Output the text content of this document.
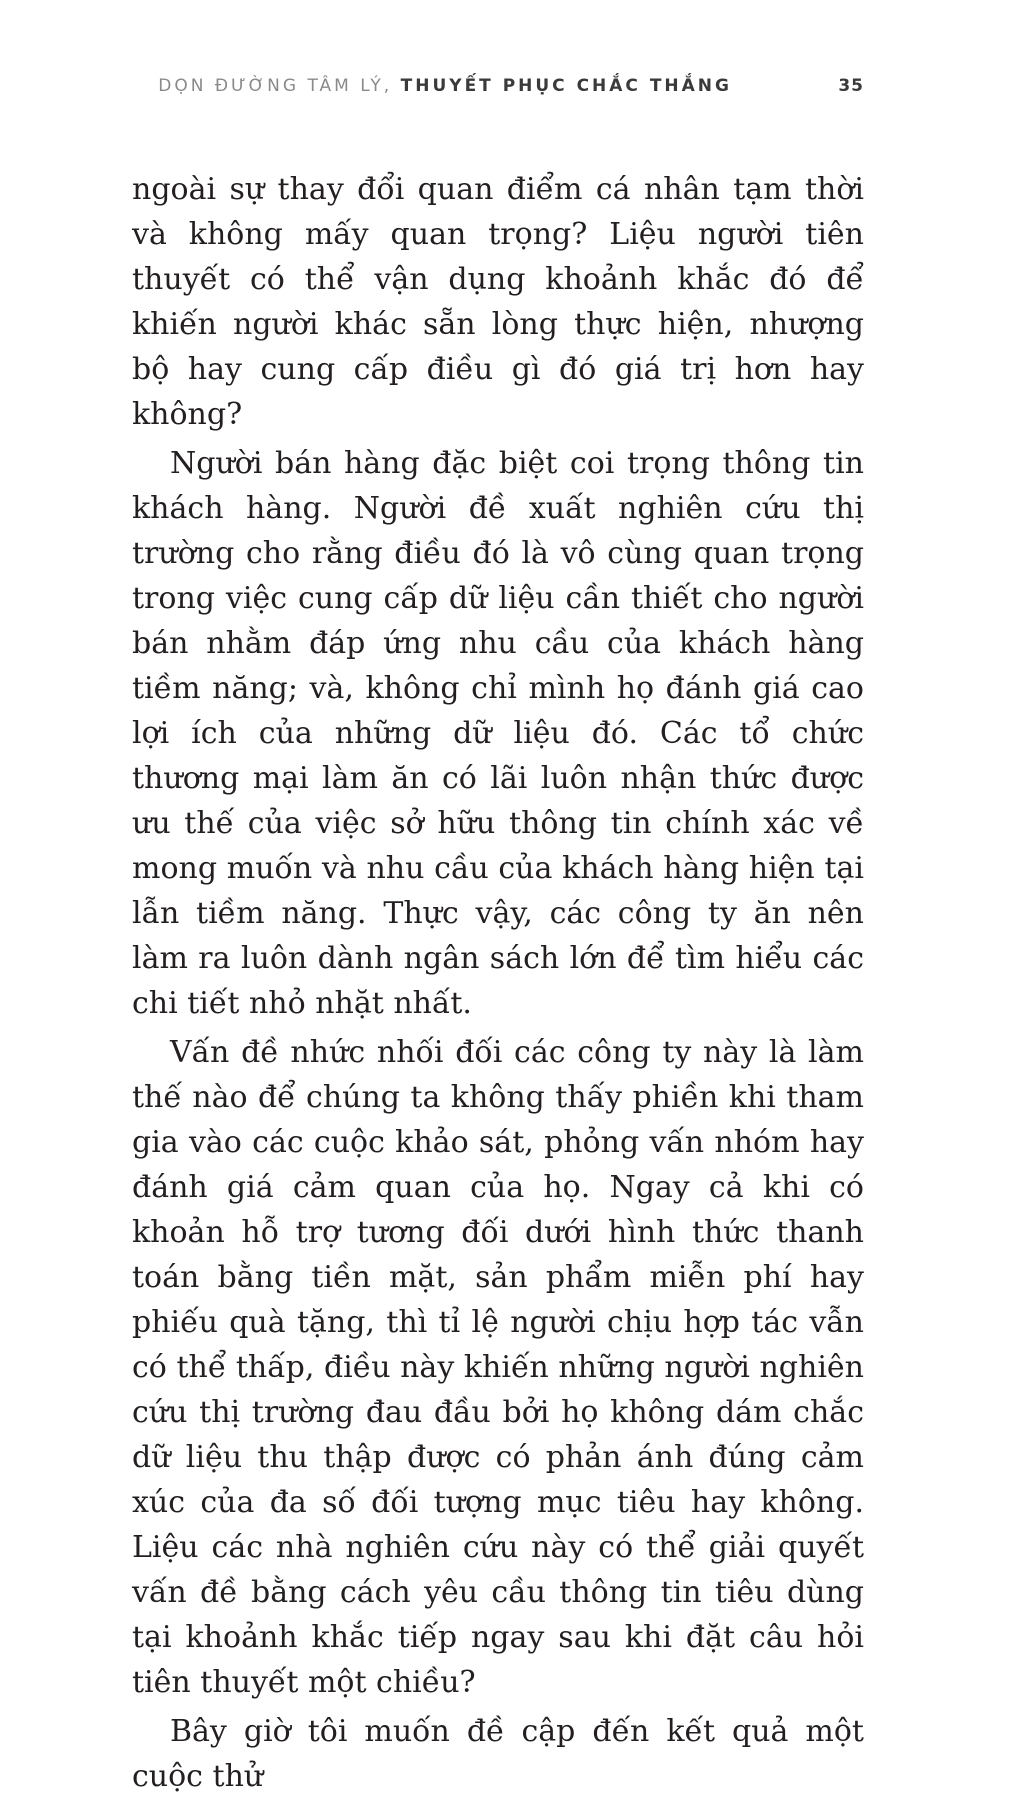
DỌN ĐƯỜNG TÂM LÝ, THUYẾT PHỤC CHẮC THẮNG	35

ngoài sự thay đổi quan điểm cá nhân tạm thời và không mấy quan trọng? Liệu người tiên thuyết có thể vận dụng khoảnh khắc đó để khiến người khác sẵn lòng thực hiện, nhượng bộ hay cung cấp điều gì đó giá trị hơn hay không?

Người bán hàng đặc biệt coi trọng thông tin khách hàng. Người đề xuất nghiên cứu thị trường cho rằng điều đó là vô cùng quan trọng trong việc cung cấp dữ liệu cần thiết cho người bán nhằm đáp ứng nhu cầu của khách hàng tiềm năng; và, không chỉ mình họ đánh giá cao lợi ích của những dữ liệu đó. Các tổ chức thương mại làm ăn có lãi luôn nhận thức được ưu thế của việc sở hữu thông tin chính xác về mong muốn và nhu cầu của khách hàng hiện tại lẫn tiềm năng. Thực vậy, các công ty ăn nên làm ra luôn dành ngân sách lớn để tìm hiểu các chi tiết nhỏ nhặt nhất.

Vấn đề nhức nhối đối các công ty này là làm thế nào để chúng ta không thấy phiền khi tham gia vào các cuộc khảo sát, phỏng vấn nhóm hay đánh giá cảm quan của họ. Ngay cả khi có khoản hỗ trợ tương đối dưới hình thức thanh toán bằng tiền mặt, sản phẩm miễn phí hay phiếu quà tặng, thì tỉ lệ người chịu hợp tác vẫn có thể thấp, điều này khiến những người nghiên cứu thị trường đau đầu bởi họ không dám chắc dữ liệu thu thập được có phản ánh đúng cảm xúc của đa số đối tượng mục tiêu hay không. Liệu các nhà nghiên cứu này có thể giải quyết vấn đề bằng cách yêu cầu thông tin tiêu dùng tại khoảnh khắc tiếp ngay sau khi đặt câu hỏi tiên thuyết một chiều?

Bây giờ tôi muốn đề cập đến kết quả một cuộc thử
